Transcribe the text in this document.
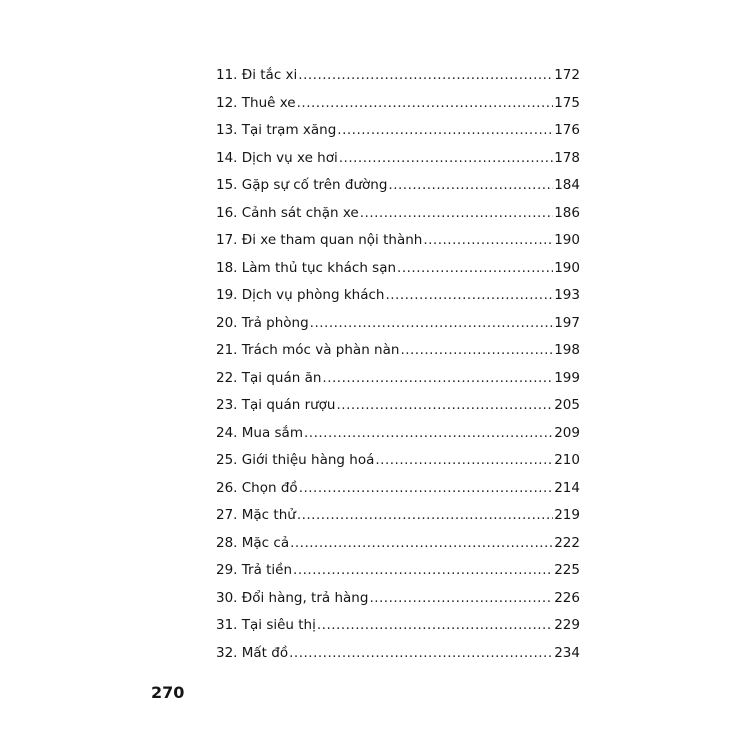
11. Đi tắc xi .....	172
12. Thuê xe .....	175
13. Tại trạm xăng .....	176
14. Dịch vụ xe hơi .....	178
15. Gặp sự cố trên đường .....	184
16. Cảnh sát chặn xe .....	186
17. Đi xe tham quan nội thành .....	190
18. Làm thủ tục khách sạn .....	190
19. Dịch vụ phòng khách .....	193
20. Trả phòng .....	197
21. Trách móc và phàn nàn .....	198
22. Tại quán ăn .....	199
23. Tại quán rượu .....	205
24. Mua sắm .....	209
25. Giới thiệu hàng hoá .....	210
26. Chọn đồ .....	214
27. Mặc thử .....	219
28. Mặc cả .....	222
29. Trả tiền .....	225
30. Đổi hàng, trả hàng .....	226
31. Tại siêu thị .....	229
32. Mất đồ .....	234
270
